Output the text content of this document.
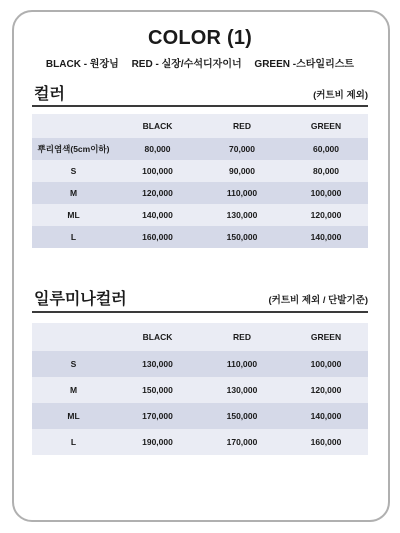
COLOR (1)
BLACK - 원장님 RED - 실장/수석디자이너 GREEN -스타일리스트
컬러	(커트비 제외)
	BLACK	RED	GREEN
뿌리염색(5cm이하)	80,000	70,000	60,000
S	100,000	90,000	80,000
M	120,000	110,000	100,000
ML	140,000	130,000	120,000
L	160,000	150,000	140,000
일루미나컬러	(커트비 제외 / 단발기준)
	BLACK	RED	GREEN
S	130,000	110,000	100,000
M	150,000	130,000	120,000
ML	170,000	150,000	140,000
L	190,000	170,000	160,000
